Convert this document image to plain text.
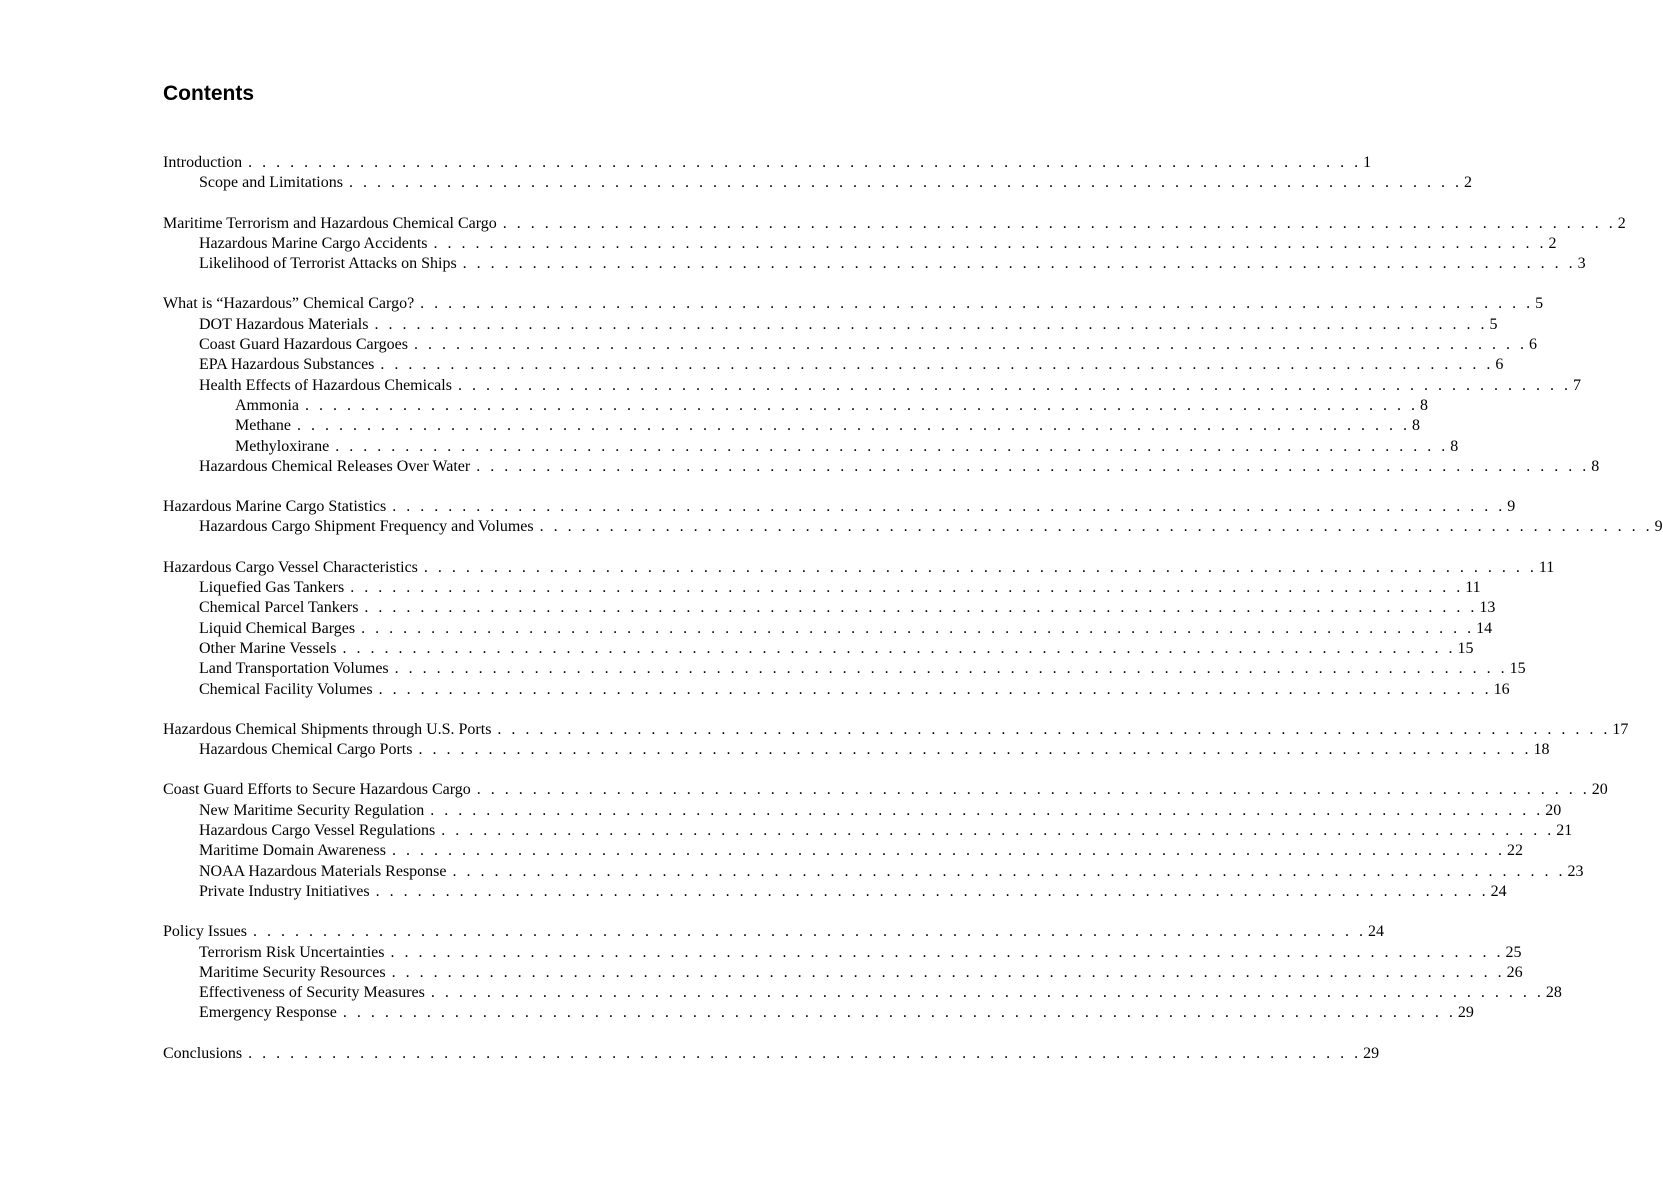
Contents
Introduction . . . . . . . . . . . . . . . . . . . . . . . . . . . . . . . . . . . . . . . . . . . . . . . . . . . . . . . . . . . . . . . . . . . . . . . . . . . . . . . . 1
Scope and Limitations . . . . . . . . . . . . . . . . . . . . . . . . . . . . . . . . . . . . . . . . . . . . . . . . . . . . . . . . . . . . . . . . . . . . . . . . . . . . . . . . 2
Maritime Terrorism and Hazardous Chemical Cargo . . . . . . . . . . . . . . . . . . . . . . . . . . . . . . . . . . . . . . . . . . . . . . . . . . . . . . . . . . . . . . . . . . . . . . . . . . . . . . . . 2
Hazardous Marine Cargo Accidents . . . . . . . . . . . . . . . . . . . . . . . . . . . . . . . . . . . . . . . . . . . . . . . . . . . . . . . . . . . . . . . . . . . . . . . . . . . . . . . . 2
Likelihood of Terrorist Attacks on Ships . . . . . . . . . . . . . . . . . . . . . . . . . . . . . . . . . . . . . . . . . . . . . . . . . . . . . . . . . . . . . . . . . . . . . . . . . . . . . . . . 3
What is “Hazardous” Chemical Cargo? . . . . . . . . . . . . . . . . . . . . . . . . . . . . . . . . . . . . . . . . . . . . . . . . . . . . . . . . . . . . . . . . . . . . . . . . . . . . . . . . 5
DOT Hazardous Materials . . . . . . . . . . . . . . . . . . . . . . . . . . . . . . . . . . . . . . . . . . . . . . . . . . . . . . . . . . . . . . . . . . . . . . . . . . . . . . . . 5
Coast Guard Hazardous Cargoes . . . . . . . . . . . . . . . . . . . . . . . . . . . . . . . . . . . . . . . . . . . . . . . . . . . . . . . . . . . . . . . . . . . . . . . . . . . . . . . . 6
EPA Hazardous Substances . . . . . . . . . . . . . . . . . . . . . . . . . . . . . . . . . . . . . . . . . . . . . . . . . . . . . . . . . . . . . . . . . . . . . . . . . . . . . . . . 6
Health Effects of Hazardous Chemicals . . . . . . . . . . . . . . . . . . . . . . . . . . . . . . . . . . . . . . . . . . . . . . . . . . . . . . . . . . . . . . . . . . . . . . . . . . . . . . . . 7
Ammonia . . . . . . . . . . . . . . . . . . . . . . . . . . . . . . . . . . . . . . . . . . . . . . . . . . . . . . . . . . . . . . . . . . . . . . . . . . . . . . . . 8
Methane . . . . . . . . . . . . . . . . . . . . . . . . . . . . . . . . . . . . . . . . . . . . . . . . . . . . . . . . . . . . . . . . . . . . . . . . . . . . . . . . 8
Methyloxirane . . . . . . . . . . . . . . . . . . . . . . . . . . . . . . . . . . . . . . . . . . . . . . . . . . . . . . . . . . . . . . . . . . . . . . . . . . . . . . . . 8
Hazardous Chemical Releases Over Water . . . . . . . . . . . . . . . . . . . . . . . . . . . . . . . . . . . . . . . . . . . . . . . . . . . . . . . . . . . . . . . . . . . . . . . . . . . . . . . . 8
Hazardous Marine Cargo Statistics . . . . . . . . . . . . . . . . . . . . . . . . . . . . . . . . . . . . . . . . . . . . . . . . . . . . . . . . . . . . . . . . . . . . . . . . . . . . . . . . 9
Hazardous Cargo Shipment Frequency and Volumes . . . . . . . . . . . . . . . . . . . . . . . . . . . . . . . . . . . . . . . . . . . . . . . . . . . . . . . . . . . . . . . . . . . . . . . . . . . . . . . . 9
Hazardous Cargo Vessel Characteristics . . . . . . . . . . . . . . . . . . . . . . . . . . . . . . . . . . . . . . . . . . . . . . . . . . . . . . . . . . . . . . . . . . . . . . . . . . . . . . . . 11
Liquefied Gas Tankers . . . . . . . . . . . . . . . . . . . . . . . . . . . . . . . . . . . . . . . . . . . . . . . . . . . . . . . . . . . . . . . . . . . . . . . . . . . . . . . . 11
Chemical Parcel Tankers . . . . . . . . . . . . . . . . . . . . . . . . . . . . . . . . . . . . . . . . . . . . . . . . . . . . . . . . . . . . . . . . . . . . . . . . . . . . . . . . 13
Liquid Chemical Barges . . . . . . . . . . . . . . . . . . . . . . . . . . . . . . . . . . . . . . . . . . . . . . . . . . . . . . . . . . . . . . . . . . . . . . . . . . . . . . . . 14
Other Marine Vessels . . . . . . . . . . . . . . . . . . . . . . . . . . . . . . . . . . . . . . . . . . . . . . . . . . . . . . . . . . . . . . . . . . . . . . . . . . . . . . . . 15
Land Transportation Volumes . . . . . . . . . . . . . . . . . . . . . . . . . . . . . . . . . . . . . . . . . . . . . . . . . . . . . . . . . . . . . . . . . . . . . . . . . . . . . . . . 15
Chemical Facility Volumes . . . . . . . . . . . . . . . . . . . . . . . . . . . . . . . . . . . . . . . . . . . . . . . . . . . . . . . . . . . . . . . . . . . . . . . . . . . . . . . . 16
Hazardous Chemical Shipments through U.S. Ports . . . . . . . . . . . . . . . . . . . . . . . . . . . . . . . . . . . . . . . . . . . . . . . . . . . . . . . . . . . . . . . . . . . . . . . . . . . . . . . . 17
Hazardous Chemical Cargo Ports . . . . . . . . . . . . . . . . . . . . . . . . . . . . . . . . . . . . . . . . . . . . . . . . . . . . . . . . . . . . . . . . . . . . . . . . . . . . . . . . 18
Coast Guard Efforts to Secure Hazardous Cargo . . . . . . . . . . . . . . . . . . . . . . . . . . . . . . . . . . . . . . . . . . . . . . . . . . . . . . . . . . . . . . . . . . . . . . . . . . . . . . . . 20
New Maritime Security Regulation . . . . . . . . . . . . . . . . . . . . . . . . . . . . . . . . . . . . . . . . . . . . . . . . . . . . . . . . . . . . . . . . . . . . . . . . . . . . . . . . 20
Hazardous Cargo Vessel Regulations . . . . . . . . . . . . . . . . . . . . . . . . . . . . . . . . . . . . . . . . . . . . . . . . . . . . . . . . . . . . . . . . . . . . . . . . . . . . . . . . 21
Maritime Domain Awareness . . . . . . . . . . . . . . . . . . . . . . . . . . . . . . . . . . . . . . . . . . . . . . . . . . . . . . . . . . . . . . . . . . . . . . . . . . . . . . . . 22
NOAA Hazardous Materials Response . . . . . . . . . . . . . . . . . . . . . . . . . . . . . . . . . . . . . . . . . . . . . . . . . . . . . . . . . . . . . . . . . . . . . . . . . . . . . . . . 23
Private Industry Initiatives . . . . . . . . . . . . . . . . . . . . . . . . . . . . . . . . . . . . . . . . . . . . . . . . . . . . . . . . . . . . . . . . . . . . . . . . . . . . . . . . 24
Policy Issues . . . . . . . . . . . . . . . . . . . . . . . . . . . . . . . . . . . . . . . . . . . . . . . . . . . . . . . . . . . . . . . . . . . . . . . . . . . . . . . . 24
Terrorism Risk Uncertainties . . . . . . . . . . . . . . . . . . . . . . . . . . . . . . . . . . . . . . . . . . . . . . . . . . . . . . . . . . . . . . . . . . . . . . . . . . . . . . . . 25
Maritime Security Resources . . . . . . . . . . . . . . . . . . . . . . . . . . . . . . . . . . . . . . . . . . . . . . . . . . . . . . . . . . . . . . . . . . . . . . . . . . . . . . . . 26
Effectiveness of Security Measures . . . . . . . . . . . . . . . . . . . . . . . . . . . . . . . . . . . . . . . . . . . . . . . . . . . . . . . . . . . . . . . . . . . . . . . . . . . . . . . . 28
Emergency Response . . . . . . . . . . . . . . . . . . . . . . . . . . . . . . . . . . . . . . . . . . . . . . . . . . . . . . . . . . . . . . . . . . . . . . . . . . . . . . . . 29
Conclusions . . . . . . . . . . . . . . . . . . . . . . . . . . . . . . . . . . . . . . . . . . . . . . . . . . . . . . . . . . . . . . . . . . . . . . . . . . . . . . . . 29
